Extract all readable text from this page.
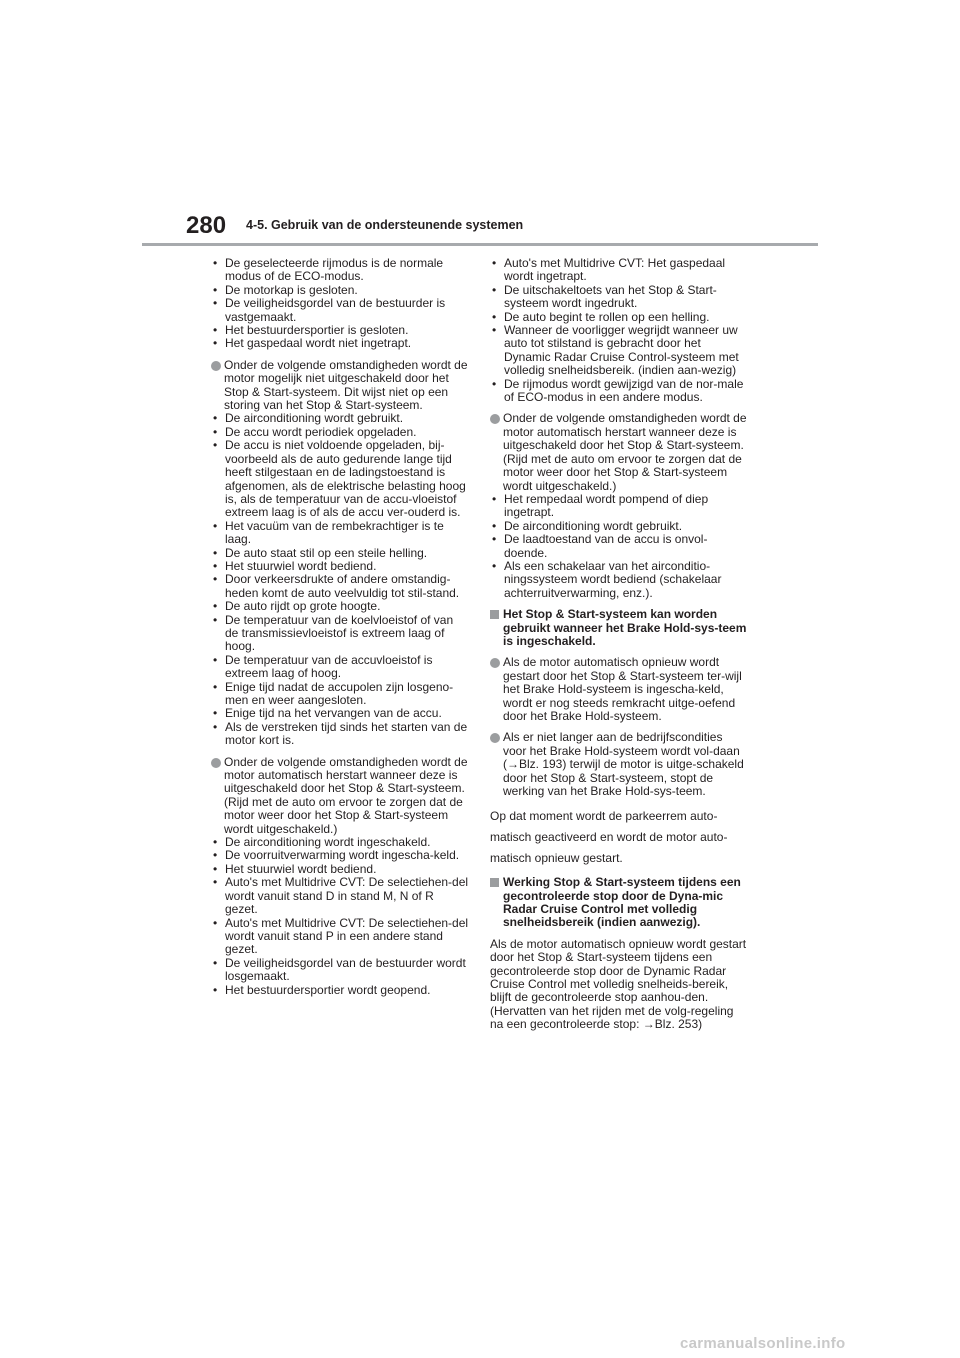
280 4-5. Gebruik van de ondersteunende systemen
• De geselecteerde rijmodus is de normale modus of de ECO-modus.
• De motorkap is gesloten.
• De veiligheidsgordel van de bestuurder is vastgemaakt.
• Het bestuurdersportier is gesloten.
• Het gaspedaal wordt niet ingetrapt.
Onder de volgende omstandigheden wordt de motor mogelijk niet uitgeschakeld door het Stop & Start-systeem. Dit wijst niet op een storing van het Stop & Start-systeem.
• De airconditioning wordt gebruikt.
• De accu wordt periodiek opgeladen.
• De accu is niet voldoende opgeladen, bij-voorbeeld als de auto gedurende lange tijd heeft stilgestaan en de ladingstoestand is afgenomen, als de elektrische belasting hoog is, als de temperatuur van de accu-vloeistof extreem laag is of als de accu ver-ouderd is.
• Het vacuüm van de rembekrachtiger is te laag.
• De auto staat stil op een steile helling.
• Het stuurwiel wordt bediend.
• Door verkeersdrukte of andere omstandig-heden komt de auto veelvuldig tot stil-stand.
• De auto rijdt op grote hoogte.
• De temperatuur van de koelvloeistof of van de transmissievloeistof is extreem laag of hoog.
• De temperatuur van de accuvloeistof is extreem laag of hoog.
• Enige tijd nadat de accupolen zijn losgeno-men en weer aangesloten.
• Enige tijd na het vervangen van de accu.
• Als de verstreken tijd sinds het starten van de motor kort is.
Onder de volgende omstandigheden wordt de motor automatisch herstart wanneer deze is uitgeschakeld door het Stop & Start-systeem. (Rijd met de auto om ervoor te zorgen dat de motor weer door het Stop & Start-systeem wordt uitgeschakeld.)
• De airconditioning wordt ingeschakeld.
• De voorruitverwarming wordt ingescha-keld.
• Het stuurwiel wordt bediend.
• Auto's met Multidrive CVT: De selectiehen-del wordt vanuit stand D in stand M, N of R gezet.
• Auto's met Multidrive CVT: De selectiehen-del wordt vanuit stand P in een andere stand gezet.
• De veiligheidsgordel van de bestuurder wordt losgemaakt.
• Het bestuurdersportier wordt geopend.
• Auto's met Multidrive CVT: Het gaspedaal wordt ingetrapt.
• De uitschakeltoets van het Stop & Start-systeem wordt ingedrukt.
• De auto begint te rollen op een helling.
• Wanneer de voorligger wegrijdt wanneer uw auto tot stilstand is gebracht door het Dynamic Radar Cruise Control-systeem met volledig snelheidsbereik. (indien aan-wezig)
• De rijmodus wordt gewijzigd van de nor-male of ECO-modus in een andere modus.
Onder de volgende omstandigheden wordt de motor automatisch herstart wanneer deze is uitgeschakeld door het Stop & Start-systeem. (Rijd met de auto om ervoor te zorgen dat de motor weer door het Stop & Start-systeem wordt uitgeschakeld.)
• Het rempedaal wordt pompend of diep ingetrapt.
• De airconditioning wordt gebruikt.
• De laadtoestand van de accu is onvol-doende.
• Als een schakelaar van het airconditio-ningssysteem wordt bediend (schakelaar achterruitverwarming, enz.).
Het Stop & Start-systeem kan worden gebruikt wanneer het Brake Hold-sys-teem is ingeschakeld.
Als de motor automatisch opnieuw wordt gestart door het Stop & Start-systeem ter-wijl het Brake Hold-systeem is ingescha-keld, wordt er nog steeds remkracht uitge-oefend door het Brake Hold-systeem.
Als er niet langer aan de bedrijfscondities voor het Brake Hold-systeem wordt vol-daan (→Blz. 193) terwijl de motor is uitge-schakeld door het Stop & Start-systeem, stopt de werking van het Brake Hold-sys-teem.
Op dat moment wordt de parkeerrem auto-matisch geactiveerd en wordt de motor auto-matisch opnieuw gestart.
Werking Stop & Start-systeem tijdens een gecontroleerde stop door de Dyna-mic Radar Cruise Control met volledig snelheidsbereik (indien aanwezig).
Als de motor automatisch opnieuw wordt gestart door het Stop & Start-systeem tijdens een gecontroleerde stop door de Dynamic Radar Cruise Control met volledig snelheids-bereik, blijft de gecontroleerde stop aanhou-den. (Hervatten van het rijden met de volg-regeling na een gecontroleerde stop: →Blz. 253)
carmanualsonline.info
